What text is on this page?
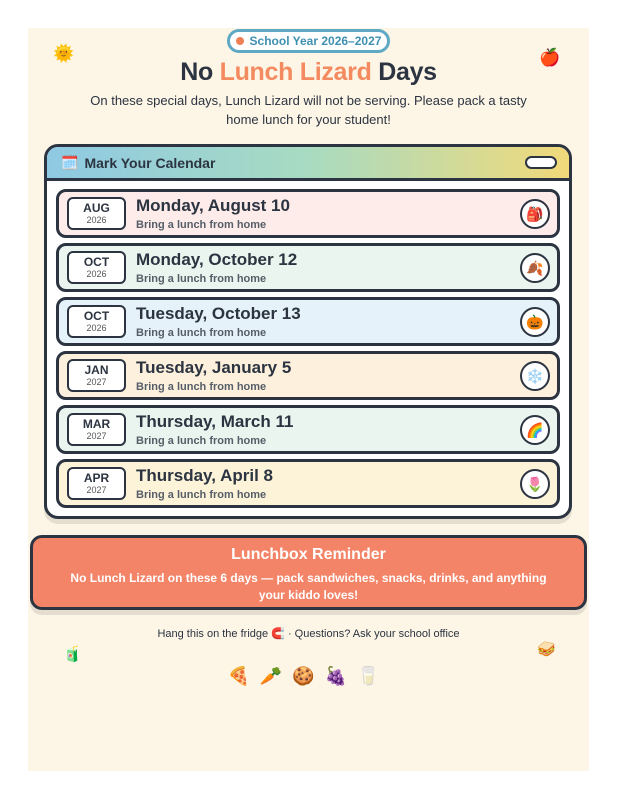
🌞	🍎
🧃	🥪
School Year 2026–2027
No Lunch Lizard Days

On these special days, Lunch Lizard will not be serving. Please pack a tasty home lunch for your student!

🗓️ Mark Your Calendar
AUG
2026
Monday, August 10
Bring a lunch from home
🎒
OCT
2026
Monday, October 12
Bring a lunch from home
🍂
OCT
2026
Tuesday, October 13
Bring a lunch from home
🎃
JAN
2027
Tuesday, January 5
Bring a lunch from home
❄️
MAR
2027
Thursday, March 11
Bring a lunch from home
🌈
APR
2027
Thursday, April 8
Bring a lunch from home
🌷
Lunchbox Reminder
No Lunch Lizard on these 6 days — pack sandwiches, snacks, drinks, and anything your kiddo loves!
Hang this on the fridge 🧲 · Questions? Ask your school office
🍕🥕🍪🍇🥛
